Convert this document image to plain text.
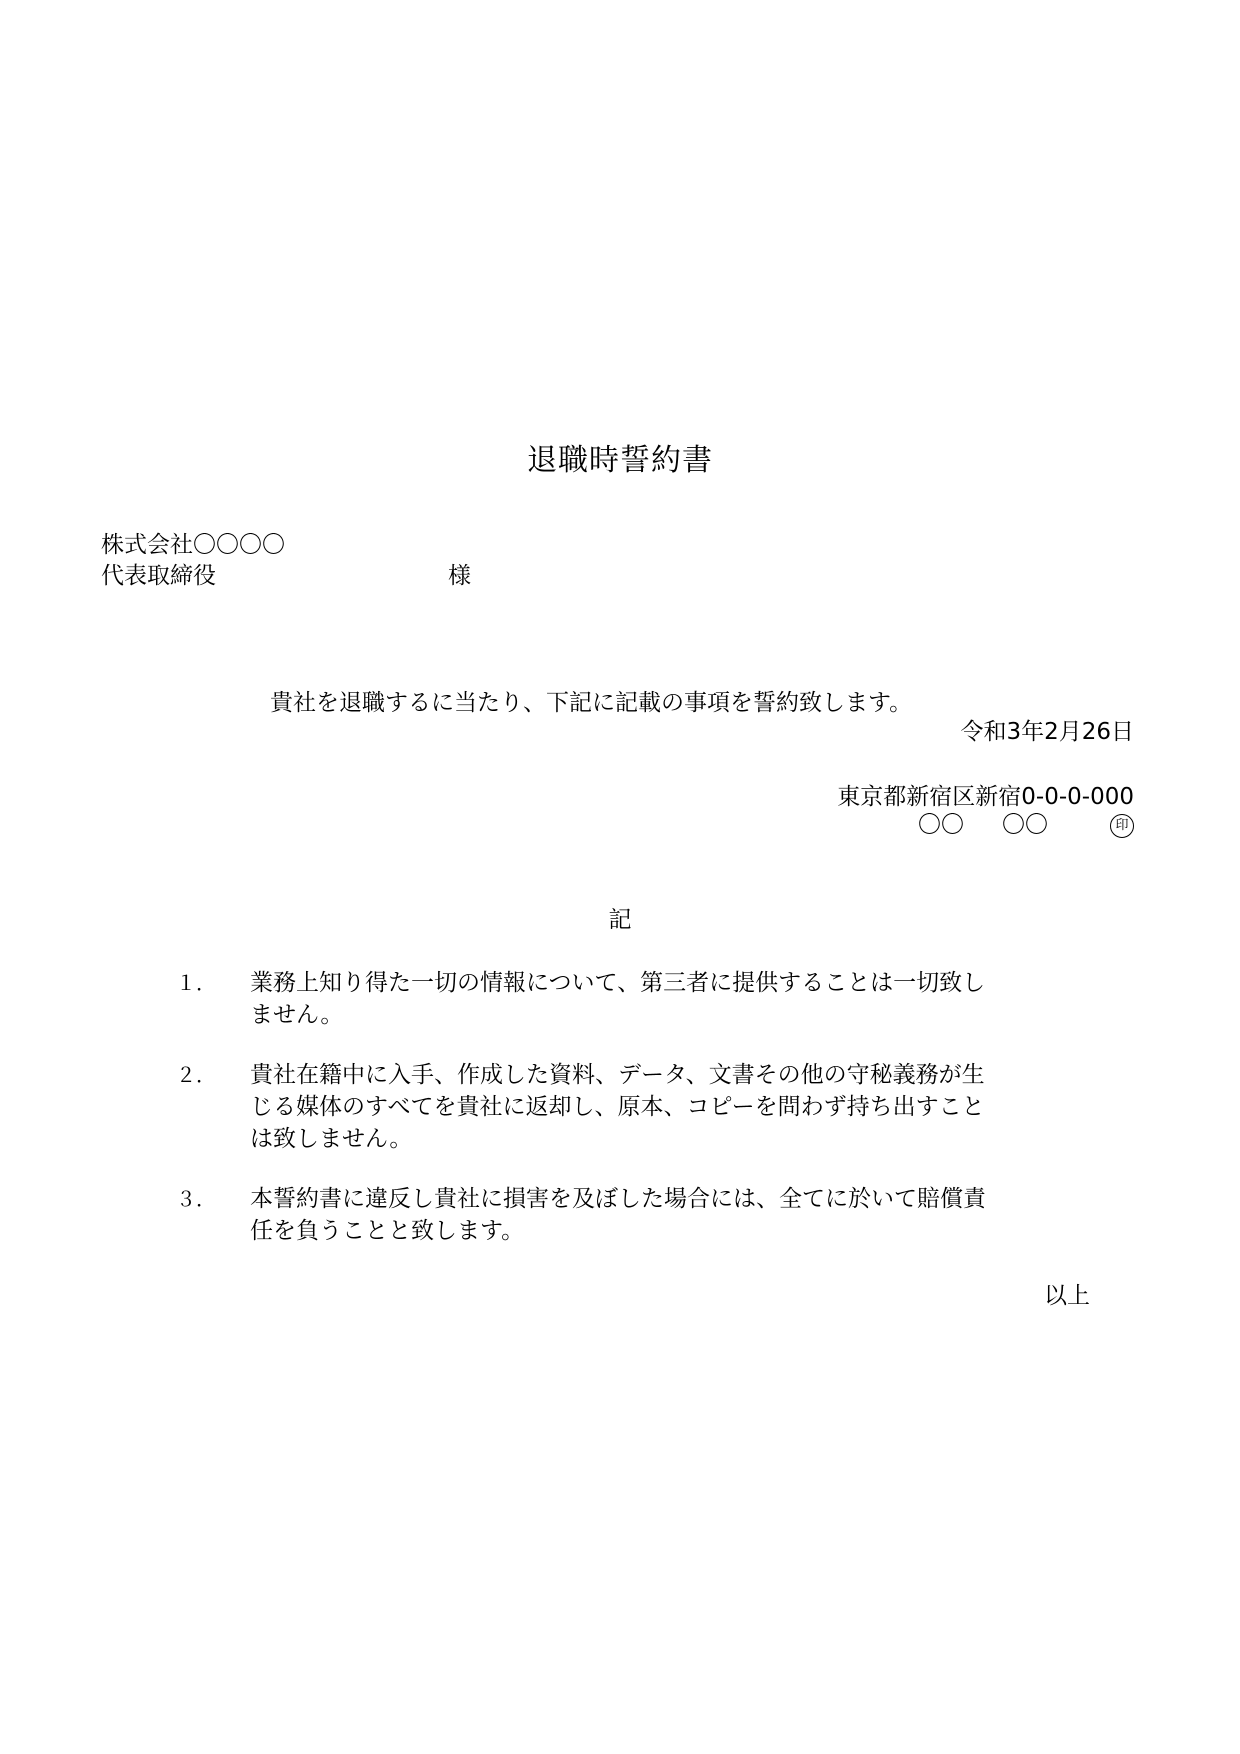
退職時誓約書
株式会社〇〇〇〇
代表取締役	様
貴社を退職するに当たり、下記に記載の事項を誓約致します。
令和3年2月26日
東京都新宿区新宿0-0-0-000
〇〇 〇〇	印
記
１．	業務上知り得た一切の情報について、第三者に提供することは一切致し
ません。
２．	貴社在籍中に入手、作成した資料、データ、文書その他の守秘義務が生
じる媒体のすべてを貴社に返却し、原本、コピーを問わず持ち出すこと
は致しません。
３．	本誓約書に違反し貴社に損害を及ぼした場合には、全てに於いて賠償責
任を負うことと致します。
以上
